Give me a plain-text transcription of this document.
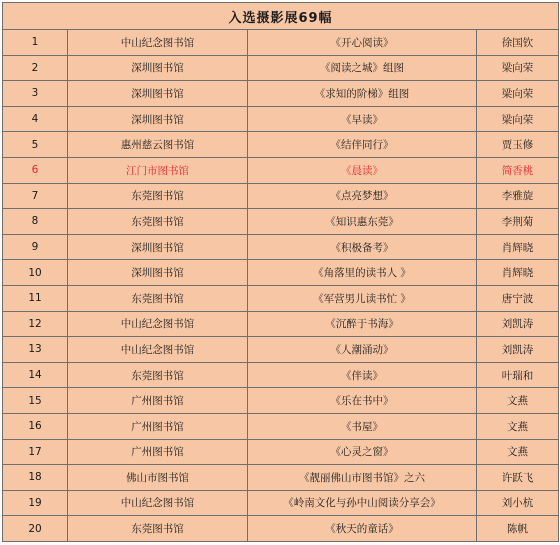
入选摄影展69幅			
1	中山纪念图书馆	《开心阅读》	徐国钦
2	深圳图书馆	《阅读之城》组图	梁向荣
3	深圳图书馆	《求知的阶梯》组图	梁向荣
4	深圳图书馆	《早读》	梁向荣
5	惠州慈云图书馆	《结伴同行》	贾玉修
6	江门市图书馆	《晨读》	简香桃
7	东莞图书馆	《点亮梦想》	李雅旋
8	东莞图书馆	《知识惠东莞》	李荆菊
9	深圳图书馆	《积极备考》	肖辉晓
10	深圳图书馆	《角落里的读书人 》	肖辉晓
11	东莞图书馆	《军营男儿读书忙 》	唐宁波
12	中山纪念图书馆	《沉醉于书海》	刘凯涛
13	中山纪念图书馆	《人潮涌动》	刘凯涛
14	东莞图书馆	《伴读》	叶瑞和
15	广州图书馆	《乐在书中》	文燕
16	广州图书馆	《书屋》	文燕
17	广州图书馆	《心灵之窗》	文燕
18	佛山市图书馆	《靓丽佛山市图书馆》之六	许跃飞
19	中山纪念图书馆	《岭南文化与孙中山阅读分享会》	刘小杭
20	东莞图书馆	《秋天的童话》	陈帆
